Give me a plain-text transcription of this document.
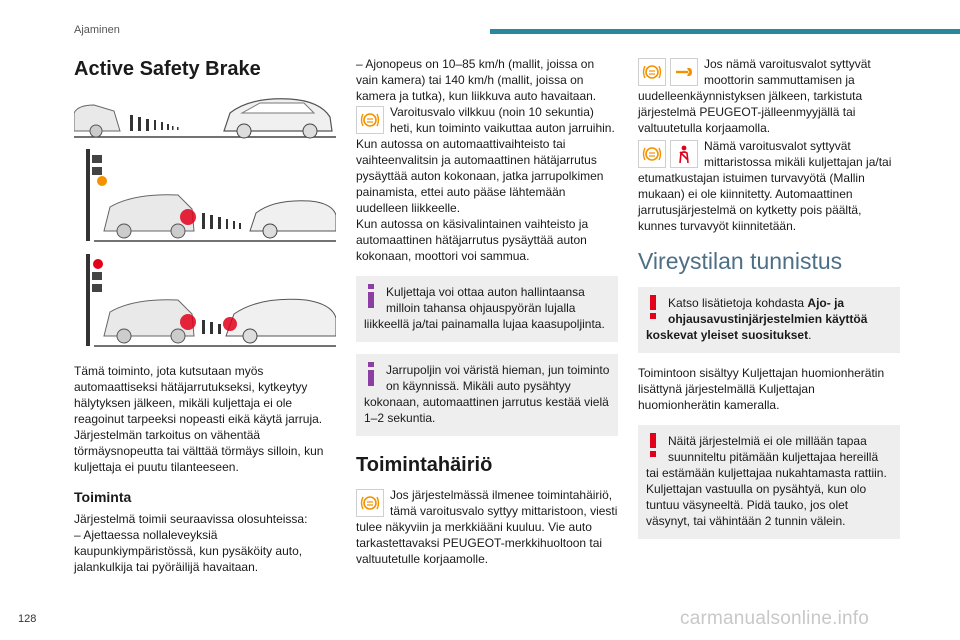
Ajaminen
Active Safety Brake

Tämä toiminto, jota kutsutaan myös automaattiseksi hätäjarrutukseksi, kytkeytyy hälytyksen jälkeen, mikäli kuljettaja ei ole reagoinut tarpeeksi nopeasti eikä käytä jarruja. Järjestelmän tarkoitus on vähentää törmäysnopeutta tai välttää törmäys silloin, kun kuljettaja ei puutu tilanteeseen.

Toiminta

Järjestelmä toimii seuraavissa olosuhteissa:

– Ajettaessa nollaleveyksiä kaupunkiympäristössä, kun pysäköity auto, jalankulkija tai pyöräilijä havaitaan.

– Ajonopeus on 10–85 km/h (mallit, joissa on vain kamera) tai 140 km/h (mallit, joissa on kamera ja tutka), kun liikkuva auto havaitaan.

Varoitusvalo vilkkuu (noin 10 sekuntia) heti, kun toiminto vaikuttaa auton jarruihin.

Kun autossa on automaattivaihteisto tai vaihteenvalitsin ja automaattinen hätäjarrutus pysäyttää auton kokonaan, jatka jarrupolkimen painamista, ettei auto pääse lähtemään uudelleen liikkeelle.

Kun autossa on käsivalintainen vaihteisto ja automaattinen hätäjarrutus pysäyttää auton kokonaan, moottori voi sammua.

Kuljettaja voi ottaa auton hallintaansa milloin tahansa ohjauspyörän lujalla liikkeellä ja/tai painamalla lujaa kaasupoljinta.
Jarrupoljin voi väristä hieman, jun toiminto on käynnissä. Mikäli auto pysähtyy kokonaan, automaattinen jarrutus kestää vielä 1–2 sekuntia.
Toimintahäiriö
Jos järjestelmässä ilmenee toimintahäiriö, tämä varoitusvalo syttyy mittaristoon, viesti tulee näkyviin ja merkkiääni kuuluu. Vie auto tarkastettavaksi PEUGEOT-merkkihuoltoon tai valtuutetulle korjaamolle.
Jos nämä varoitusvalot syttyvät moottorin sammuttamisen ja uudelleenkäynnistyksen jälkeen, tarkistuta järjestelmä PEUGEOT-jälleenmyyjällä tai valtuutetulla korjaamolla.
Nämä varoitusvalot syttyvät mittaristossa mikäli kuljettajan ja/tai etumatkustajan istuimen turvavyötä (Mallin mukaan) ei ole kiinnitetty. Automaattinen jarrutusjärjestelmä on kytketty pois päältä, kunnes turvavyöt kiinnitetään.
Vireystilan tunnistus
Katso lisätietoja kohdasta Ajo- ja ohjausavustinjärjestelmien käyttöä koskevat yleiset suositukset.

Toimintoon sisältyy Kuljettajan huomionherätin lisättynä järjestelmällä Kuljettajan huomionherätin kameralla.

Näitä järjestelmiä ei ole millään tapaa suunniteltu pitämään kuljettajaa hereillä tai estämään kuljettajaa nukahtamasta rattiin. Kuljettajan vastuulla on pysähtyä, kun olo tuntuu väsyneeltä. Pidä tauko, jos olet väsynyt, tai vähintään 2 tunnin välein.
128	carmanualsonline.info
